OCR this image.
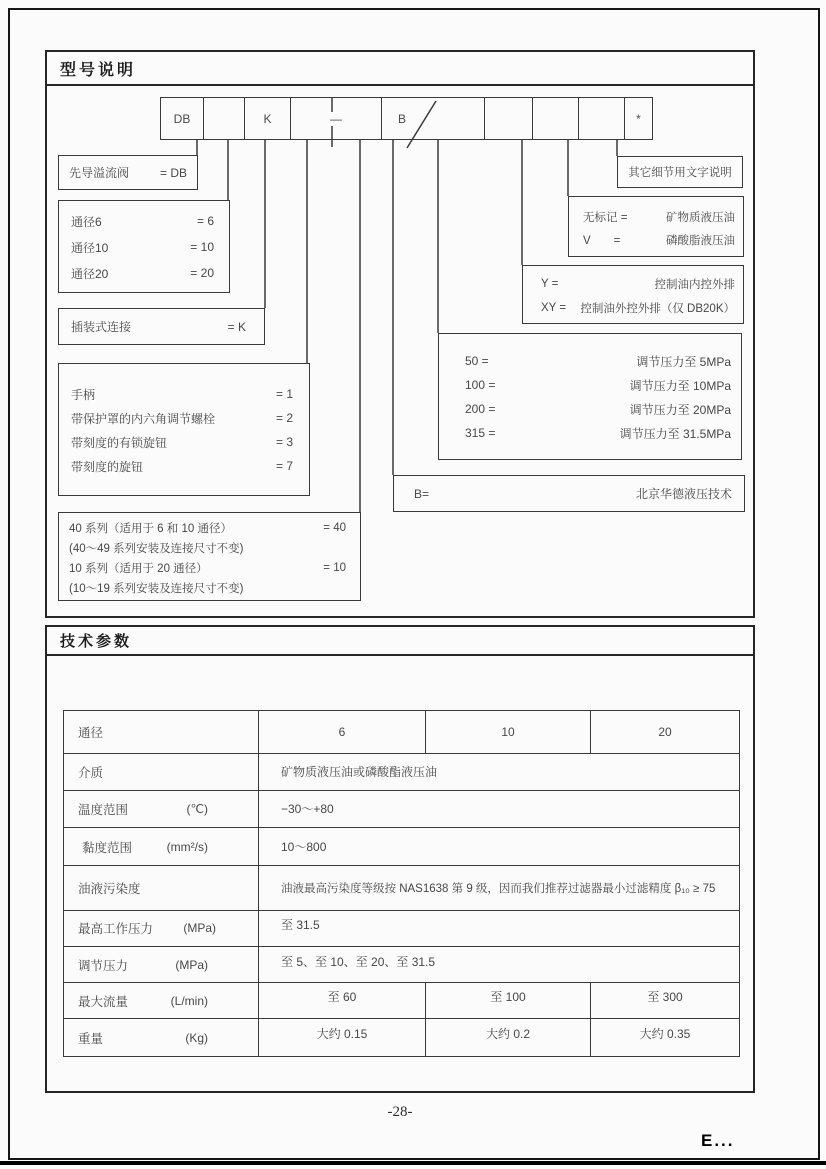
型号说明
DB	K	—	B	*
先导溢流阀	= DB
通径6	= 6
通径10	= 10
通径20	= 20
插装式连接	= K
手柄	= 1
带保护罩的内六角调节螺栓	= 2
带刻度的有锁旋钮	= 3
带刻度的旋钮	= 7
40 系列（适用于 6 和 10 通径）	= 40
(40～49 系列安装及连接尺寸不变)
10 系列（适用于 20 通径）	= 10
(10～19 系列安装及连接尺寸不变)
其它细节用文字说明
无标记 =	矿物质液压油
V　　=	磷酸脂液压油
Y =	控制油内控外排
XY = 控制油外控外排（仅 DB20K）
50 =	调节压力至 5MPa
100 =	调节压力至 10MPa
200 =	调节压力至 20MPa
315 =	调节压力至 31.5MPa
B=	北京华德液压技术
技术参数
通径	6	10	20
介质	矿物质液压油或磷酸酯液压油
温度范围	(℃)	−30～+80
黏度范围	(mm²/s)	10～800
油液污染度	油液最高污染度等级按 NAS1638 第 9 级，因而我们推荐过滤器最小过滤精度 β₁₀ ≥ 75
最高工作压力	(MPa)	至 31.5
调节压力	(MPa)	至 5、至 10、至 20、至 31.5
最大流量	(L/min)	至 60	至 100	至 300
重量	(Kg)	大约 0.15	大约 0.2	大约 0.35
-28-
E...
